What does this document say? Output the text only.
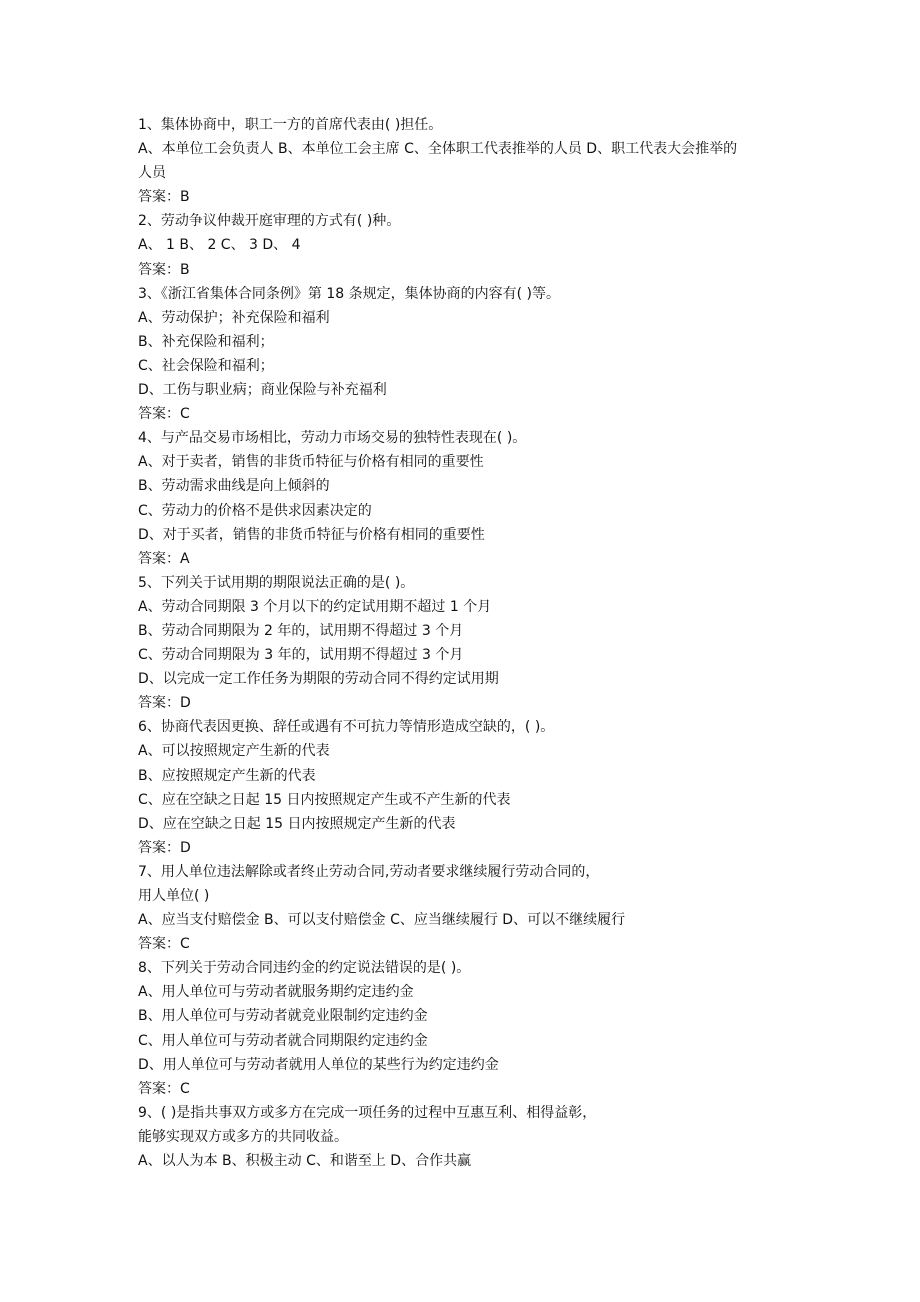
1、集体协商中，职工一方的首席代表由( )担任。
A、本单位工会负责人 B、本单位工会主席 C、全体职工代表推举的人员 D、职工代表大会推举的
人员
答案：B
2、劳动争议仲裁开庭审理的方式有( )种。
A、 1 B、 2 C、 3 D、 4
答案：B
3、《浙江省集体合同条例》第 18 条规定，集体协商的内容有( )等。
A、劳动保护；补充保险和福利
B、补充保险和福利；
C、社会保险和福利；
D、工伤与职业病；商业保险与补充福利
答案：C
4、与产品交易市场相比，劳动力市场交易的独特性表现在( )。
A、对于卖者，销售的非货币特征与价格有相同的重要性
B、劳动需求曲线是向上倾斜的
C、劳动力的价格不是供求因素决定的
D、对于买者，销售的非货币特征与价格有相同的重要性
答案：A
5、下列关于试用期的期限说法正确的是( )。
A、劳动合同期限 3 个月以下的约定试用期不超过 1 个月
B、劳动合同期限为 2 年的，试用期不得超过 3 个月
C、劳动合同期限为 3 年的，试用期不得超过 3 个月
D、以完成一定工作任务为期限的劳动合同不得约定试用期
答案：D
6、协商代表因更换、辞任或遇有不可抗力等情形造成空缺的，( )。
A、可以按照规定产生新的代表
B、应按照规定产生新的代表
C、应在空缺之日起 15 日内按照规定产生或不产生新的代表
D、应在空缺之日起 15 日内按照规定产生新的代表
答案：D
7、用人单位违法解除或者终止劳动合同,劳动者要求继续履行劳动合同的，
用人单位( )
A、应当支付赔偿金 B、可以支付赔偿金 C、应当继续履行 D、可以不继续履行
答案：C
8、下列关于劳动合同违约金的约定说法错误的是( )。
A、用人单位可与劳动者就服务期约定违约金
B、用人单位可与劳动者就竞业限制约定违约金
C、用人单位可与劳动者就合同期限约定违约金
D、用人单位可与劳动者就用人单位的某些行为约定违约金
答案：C
9、( )是指共事双方或多方在完成一项任务的过程中互惠互利、相得益彰，
能够实现双方或多方的共同收益。
A、以人为本 B、积极主动 C、和谐至上 D、合作共赢
